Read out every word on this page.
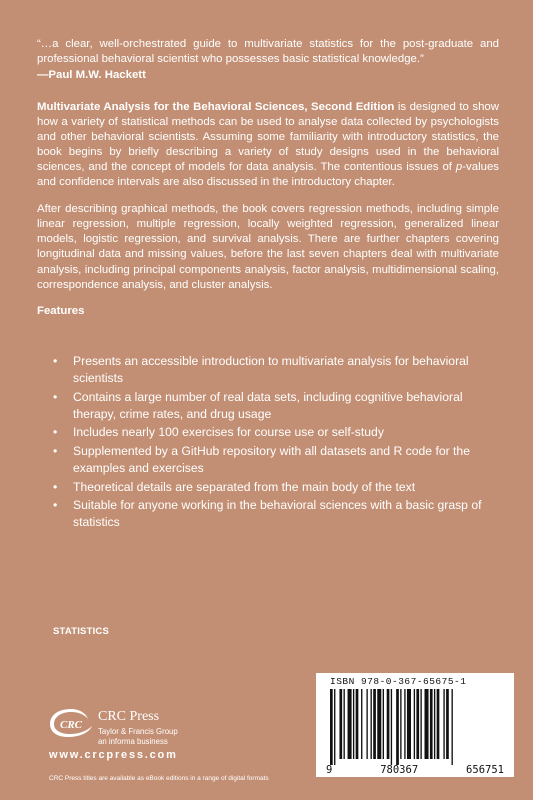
“…a clear, well-orchestrated guide to multivariate statistics for the post-graduate and professional behavioral scientist who possesses basic statistical knowledge.”

—Paul M.W. Hackett

Multivariate Analysis for the Behavioral Sciences, Second Edition is designed to show how a variety of statistical methods can be used to analyse data collected by psychologists and other behavioral scientists. Assuming some familiarity with introductory statistics, the book begins by briefly describing a variety of study designs used in the behavioral sciences, and the concept of models for data analysis. The contentious issues of p-values and confidence intervals are also discussed in the introductory chapter.

After describing graphical methods, the book covers regression methods, including simple linear regression, multiple regression, locally weighted regression, generalized linear models, logistic regression, and survival analysis. There are further chapters covering longitudinal data and missing values, before the last seven chapters deal with multivariate analysis, including principal components analysis, factor analysis, multidimensional scaling, correspondence analysis, and cluster analysis.

Features

• Presents an accessible introduction to multivariate analysis for behavioral scientists
• Contains a large number of real data sets, including cognitive behavioral therapy, crime rates, and drug usage
• Includes nearly 100 exercises for course use or self-study
• Supplemented by a GitHub repository with all datasets and R code for the examples and exercises
• Theoretical details are separated from the main body of the text
• Suitable for anyone working in the behavioral sciences with a basic grasp of statistics
STATISTICS
CRC
CRC Press
Taylor & Francis Group
an informa business
www.crcpress.com
CRC Press titles are available as eBook editions in a range of digital formats
ISBN 978-0-367-65675-1
9	780367	656751
